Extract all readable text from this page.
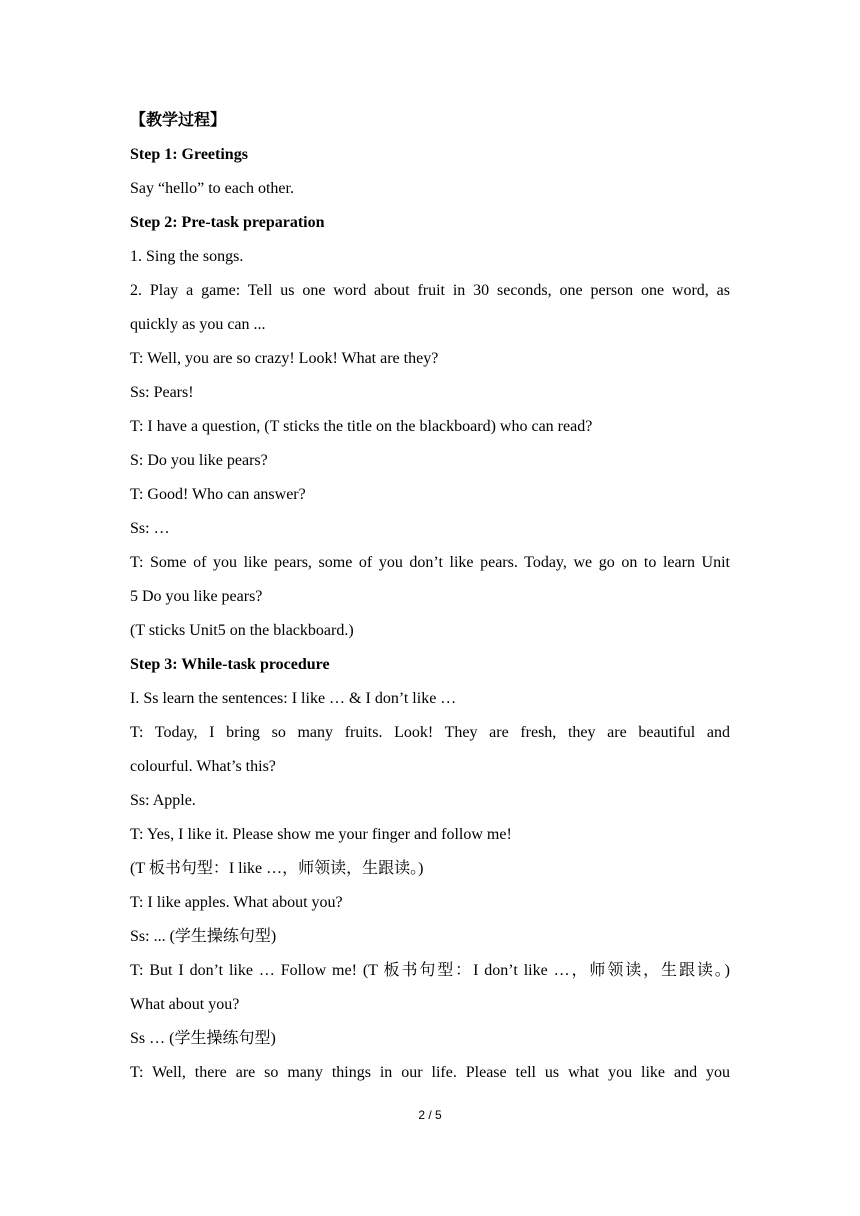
【教学过程】
Step 1: Greetings
Say “hello” to each other.
Step 2: Pre-task preparation
1. Sing the songs.
2. Play a game: Tell us one word about fruit in 30 seconds, one person one word, as
quickly as you can ...
T: Well, you are so crazy! Look! What are they?
Ss: Pears!
T: I have a question, (T sticks the title on the blackboard) who can read?
S: Do you like pears?
T: Good! Who can answer?
Ss: …
T: Some of you like pears, some of you don’t like pears. Today, we go on to learn Unit
5 Do you like pears?
(T sticks Unit5 on the blackboard.)
Step 3: While-task procedure
I. Ss learn the sentences: I like … & I don’t like …
T: Today, I bring so many fruits. Look! They are fresh, they are beautiful and
colourful. What’s this?
Ss: Apple.
T: Yes, I like it. Please show me your finger and follow me!
(T 板书句型：I like …，师领读，生跟读。)
T: I like apples. What about you?
Ss: ... (学生操练句型)
T: But I don’t like … Follow me! (T 板书句型：I don’t like …，师领读，生跟读。)
What about you?
Ss … (学生操练句型)
T: Well, there are so many things in our life. Please tell us what you like and you
2 / 5
